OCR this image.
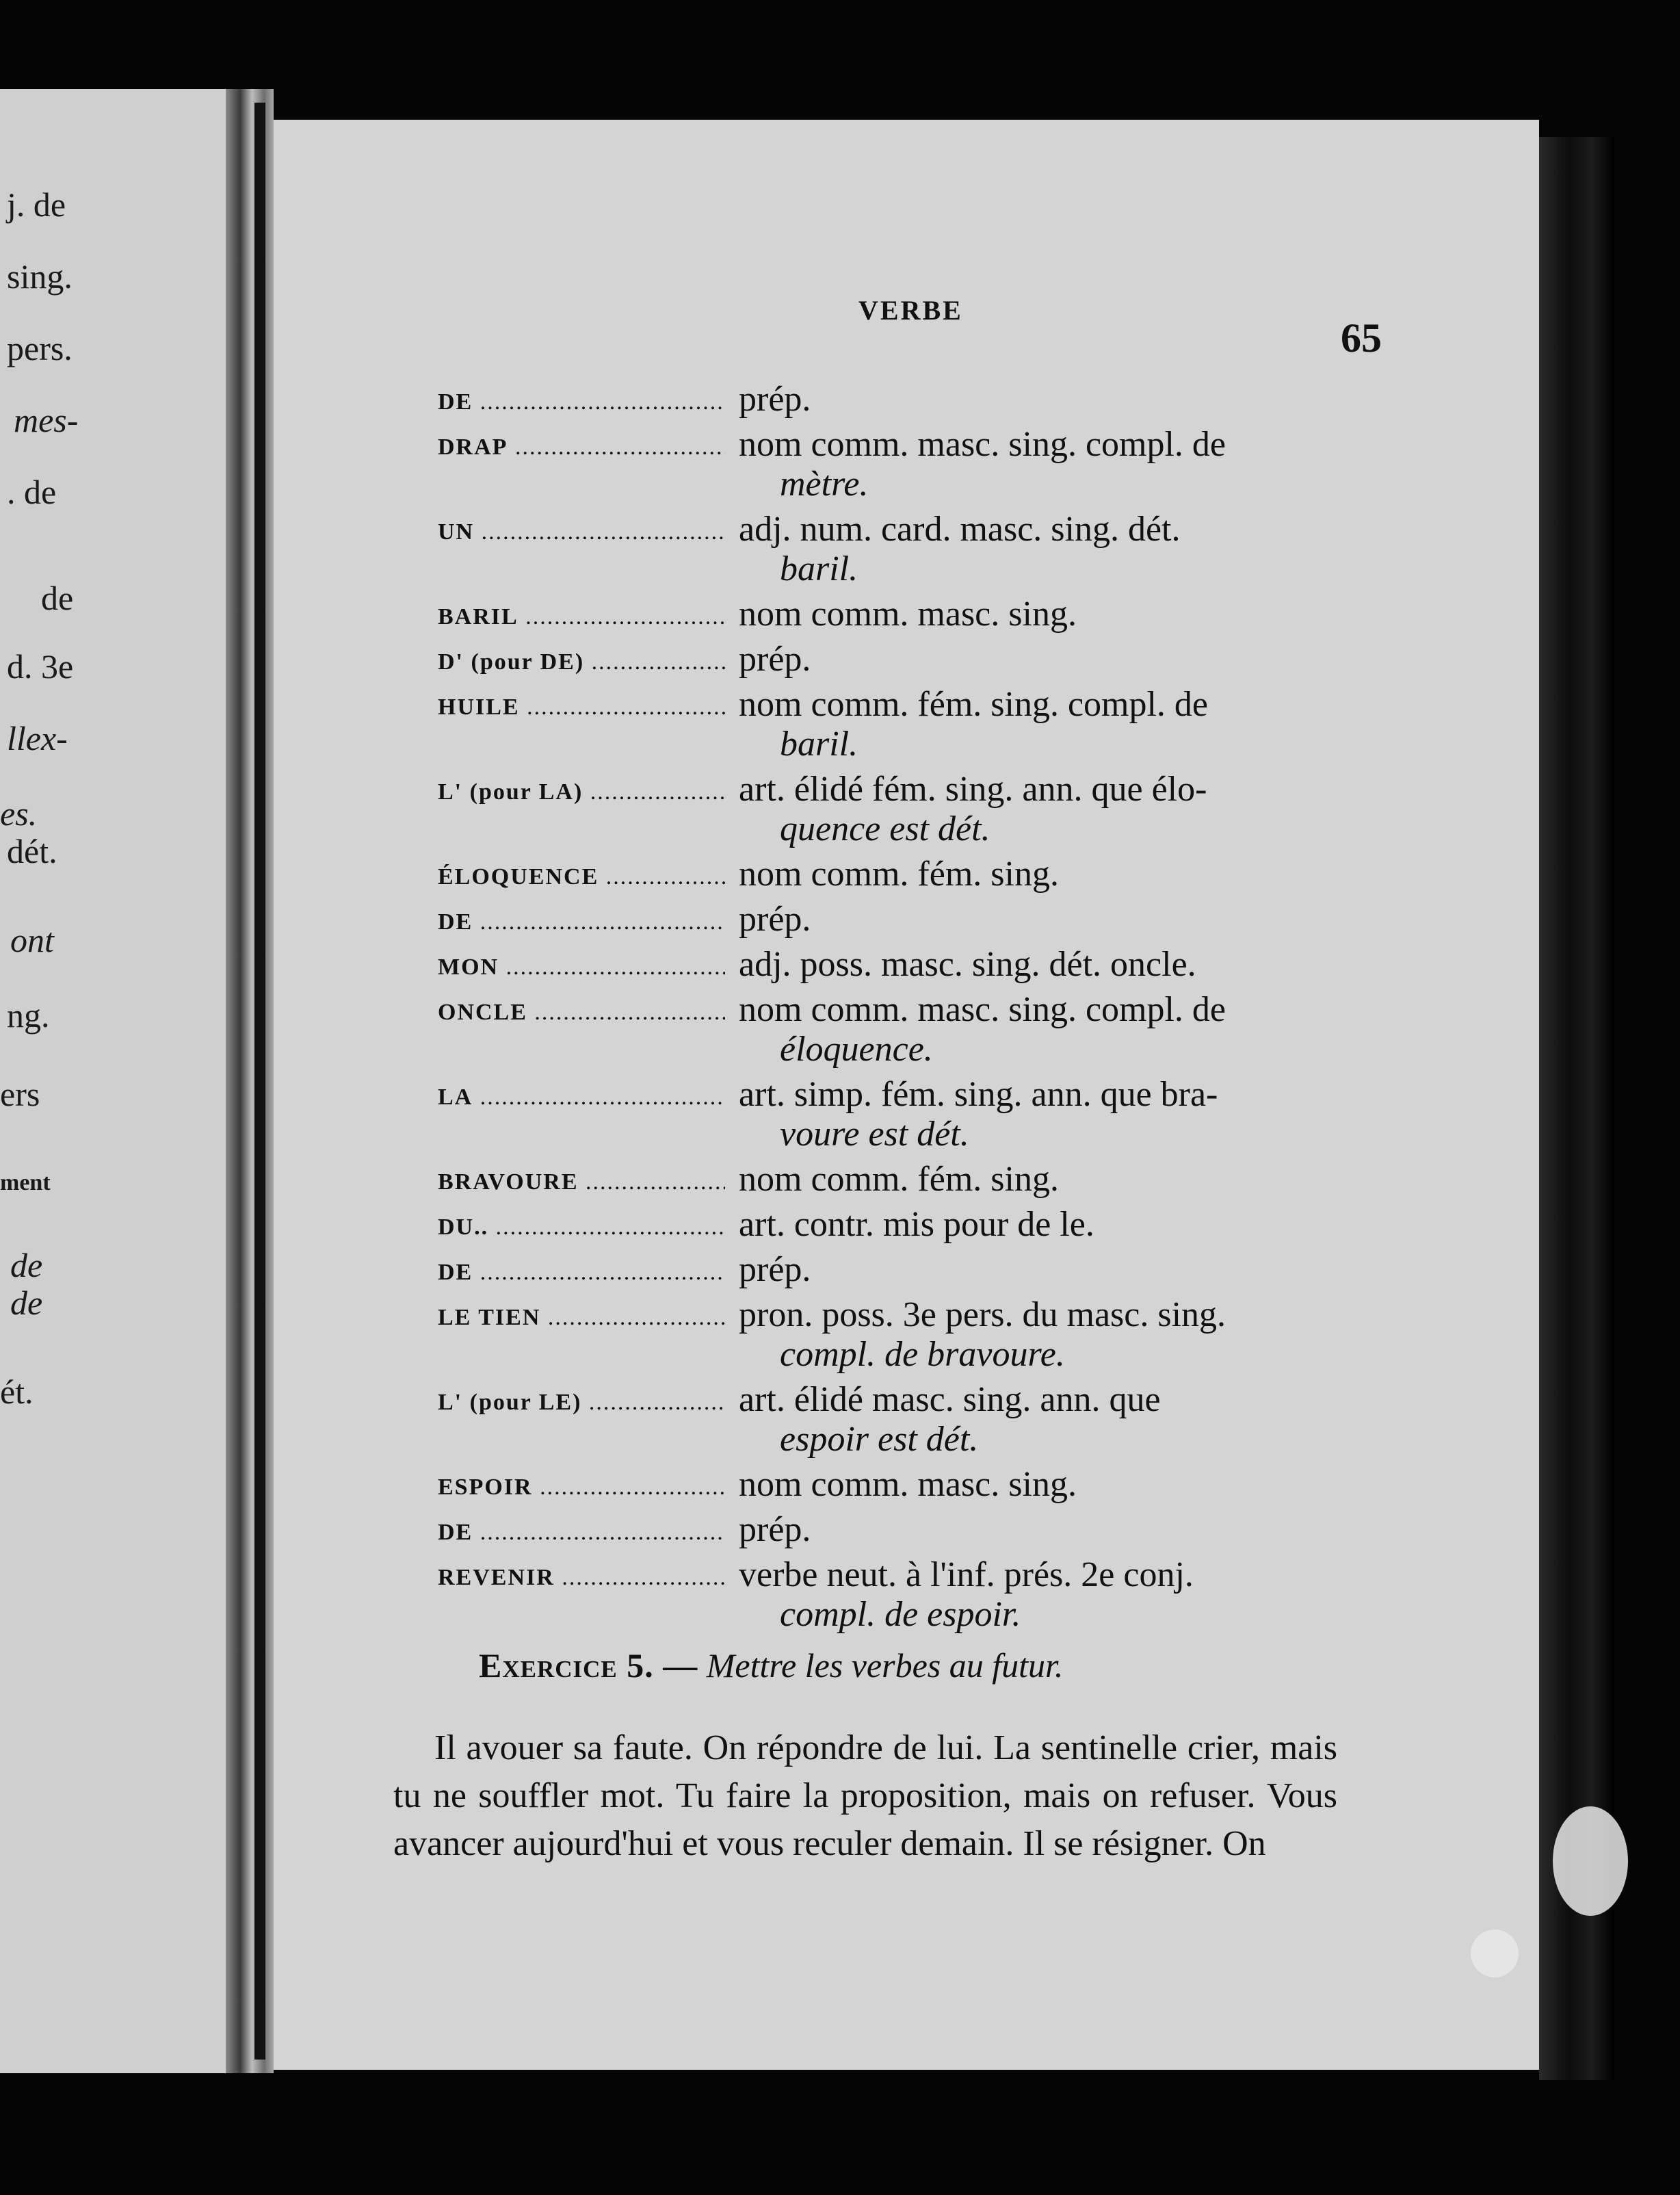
j. de
sing.
pers.
mes-
. de
de
d. 3e
llex-
es.
dét.
ont
ng.
ers
ment
de
de
ét.
VERBE
65
DE .....	prép.
DRAP .....	nom comm. masc. sing. compl. de
mètre.
UN .....	adj. num. card. masc. sing. dét.
baril.
BARIL .....	nom comm. masc. sing.
D' (pour DE) .....	prép.
HUILE .....	nom comm. fém. sing. compl. de
baril.
L' (pour LA) .....	art. élidé fém. sing. ann. que élo-
quence est dét.
ÉLOQUENCE .....	nom comm. fém. sing.
DE .....	prép.
MON .....	adj. poss. masc. sing. dét. oncle.
ONCLE .....	nom comm. masc. sing. compl. de
éloquence.
LA .....	art. simp. fém. sing. ann. que bra-
voure est dét.
BRAVOURE .....	nom comm. fém. sing.
DU.. .....	art. contr. mis pour de le.
DE .....	prép.
LE TIEN .....	pron. poss. 3e pers. du masc. sing.
compl. de bravoure.
L' (pour LE) .....	art. élidé masc. sing. ann. que
espoir est dét.
ESPOIR .....	nom comm. masc. sing.
DE .....	prép.
REVENIR .....	verbe neut. à l'inf. prés. 2e conj.
compl. de espoir.
Exercice 5. — Mettre les verbes au futur.
Il avouer sa faute. On répondre de lui. La sentinelle crier, mais tu ne souffler mot. Tu faire la proposition, mais on refuser. Vous avancer aujourd'hui et vous reculer demain. Il se résigner. On
